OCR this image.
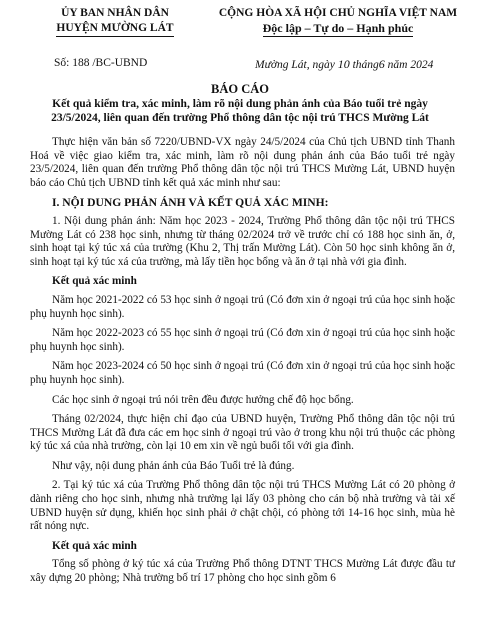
ỦY BAN NHÂN DÂN
HUYỆN MƯỜNG LÁT
CỘNG HÒA XÃ HỘI CHỦ NGHĨA VIỆT NAM
Độc lập – Tự do – Hạnh phúc
Số: 188 /BC-UBND	Mường Lát, ngày 10 tháng6 năm 2024
BÁO CÁO
Kết quả kiểm tra, xác minh, làm rõ nội dung phản ánh của Báo tuổi trẻ ngày 23/5/2024, liên quan đến trường Phổ thông dân tộc nội trú THCS Mường Lát

Thực hiện văn bản số 7220/UBND-VX ngày 24/5/2024 của Chủ tịch UBND tỉnh Thanh Hoá về việc giao kiểm tra, xác minh, làm rõ nội dung phản ánh của Báo tuổi trẻ ngày 23/5/2024, liên quan đến trường Phổ thông dân tộc nội trú THCS Mường Lát, UBND huyện báo cáo Chủ tịch UBND tỉnh kết quả xác minh như sau:

I. NỘI DUNG PHẢN ÁNH VÀ KẾT QUẢ XÁC MINH:

1. Nội dung phản ánh: Năm học 2023 - 2024, Trường Phổ thông dân tộc nội trú THCS Mường Lát có 238 học sinh, nhưng từ tháng 02/2024 trở về trước chỉ có 188 học sinh ăn, ở, sinh hoạt tại ký túc xá của trường (Khu 2, Thị trấn Mường Lát). Còn 50 học sinh không ăn ở, sinh hoạt tại ký túc xá của trường, mà lấy tiền học bổng và ăn ở tại nhà với gia đình.

Kết quả xác minh

Năm học 2021-2022 có 53 học sinh ở ngoại trú (Có đơn xin ở ngoại trú của học sinh hoặc phụ huynh học sinh).

Năm học 2022-2023 có 55 học sinh ở ngoại trú (Có đơn xin ở ngoại trú của học sinh hoặc phụ huynh học sinh).

Năm học 2023-2024 có 50 học sinh ở ngoại trú (Có đơn xin ở ngoại trú của học sinh hoặc phụ huynh học sinh).

Các học sinh ở ngoại trú nói trên đều được hưởng chế độ học bổng.

Tháng 02/2024, thực hiện chỉ đạo của UBND huyện, Trường Phổ thông dân tộc nội trú THCS Mường Lát đã đưa các em học sinh ở ngoại trú vào ở trong khu nội trú thuộc các phòng ký túc xá của nhà trường, còn lại 10 em xin về ngủ buổi tối với gia đình.

Như vậy, nội dung phản ánh của Báo Tuổi trẻ là đúng.

2. Tại ký túc xá của Trường Phổ thông dân tộc nội trú THCS Mường Lát có 20 phòng ở dành riêng cho học sinh, nhưng nhà trường lại lấy 03 phòng cho cán bộ nhà trường và tài xế UBND huyện sử dụng, khiến học sinh phải ở chật chội, có phòng tới 14-16 học sinh, mùa hè rất nóng nực.

Kết quả xác minh

Tổng số phòng ở ký túc xá của Trường Phổ thông DTNT THCS Mường Lát được đầu tư xây dựng 20 phòng; Nhà trường bố trí 17 phòng cho học sinh gồm 6
